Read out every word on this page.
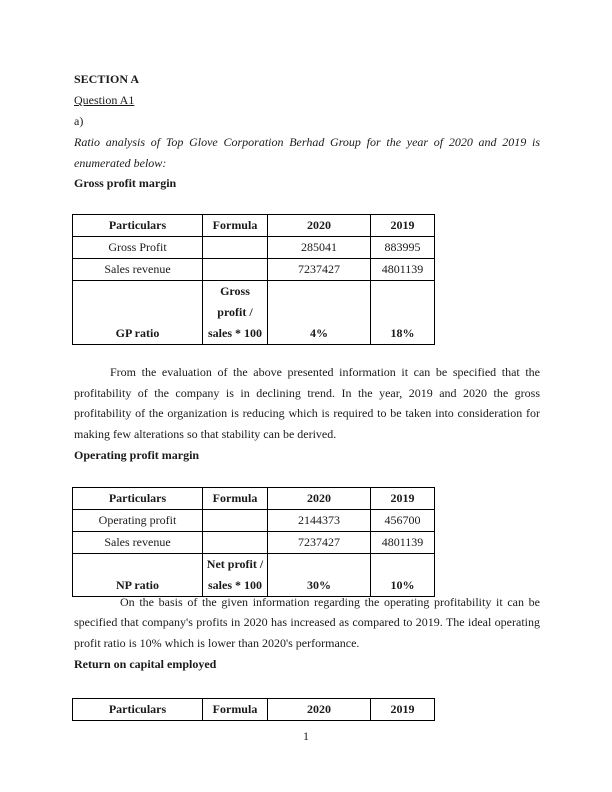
SECTION A
Question A1
a)
Ratio analysis of Top Glove Corporation Berhad Group for the year of 2020 and 2019 is
enumerated below:
Gross profit margin
Particulars	Formula	2020	2019
Gross Profit		285041	883995
Sales revenue		7237427	4801139
GP ratio	Gross
profit /
sales * 100	4%	18%
From the evaluation of the above presented information it can be specified that the
profitability of the company is in declining trend. In the year, 2019 and 2020 the gross
profitability of the organization is reducing which is required to be taken into consideration for
making few alterations so that stability can be derived.
Operating profit margin
Particulars	Formula	2020	2019
Operating profit		2144373	456700
Sales revenue		7237427	4801139
NP ratio	Net profit /
sales * 100	30%	10%
On the basis of the given information regarding the operating profitability it can be
specified that company's profits in 2020 has increased as compared to 2019. The ideal operating
profit ratio is 10% which is lower than 2020's performance.
Return on capital employed
Particulars	Formula	2020	2019
1
